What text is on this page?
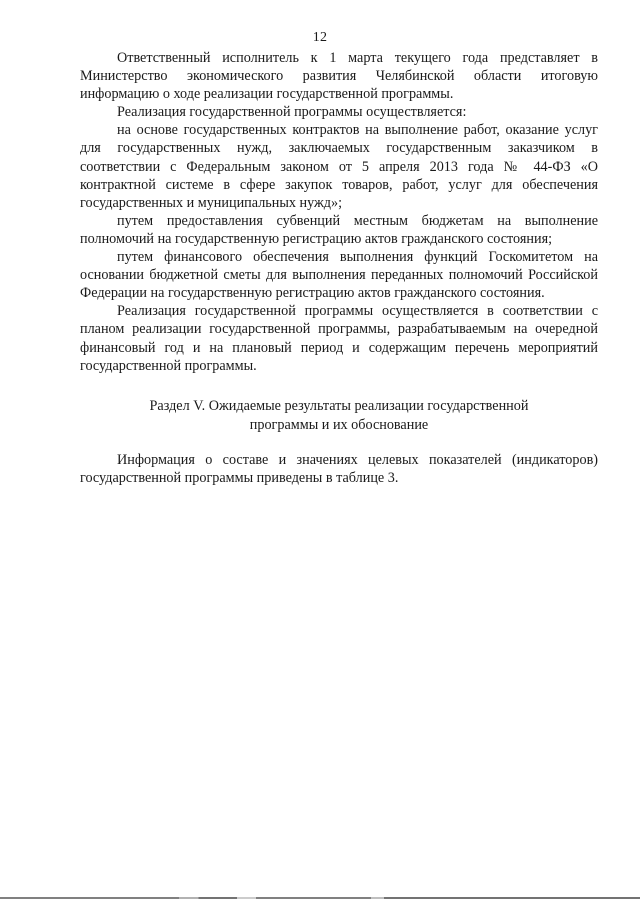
12

Ответственный исполнитель к 1 марта текущего года представляет в Министерство экономического развития Челябинской области итоговую информацию о ходе реализации государственной программы.

Реализация государственной программы осуществляется:

на основе государственных контрактов на выполнение работ, оказание услуг для государственных нужд, заключаемых государственным заказчиком в соответствии с Федеральным законом от 5 апреля 2013 года № 44-ФЗ «О контрактной системе в сфере закупок товаров, работ, услуг для обеспечения государственных и муниципальных нужд»;

путем предоставления субвенций местным бюджетам на выполнение полномочий на государственную регистрацию актов гражданского состояния;

путем финансового обеспечения выполнения функций Госкомитетом на основании бюджетной сметы для выполнения переданных полномочий Российской Федерации на государственную регистрацию актов гражданского состояния.

Реализация государственной программы осуществляется в соответствии с планом реализации государственной программы, разрабатываемым на очередной финансовый год и на плановый период и содержащим перечень мероприятий государственной программы.

Раздел V. Ожидаемые результаты реализации государственной
программы и их обоснование

Информация о составе и значениях целевых показателей (индикаторов) государственной программы приведены в таблице 3.
